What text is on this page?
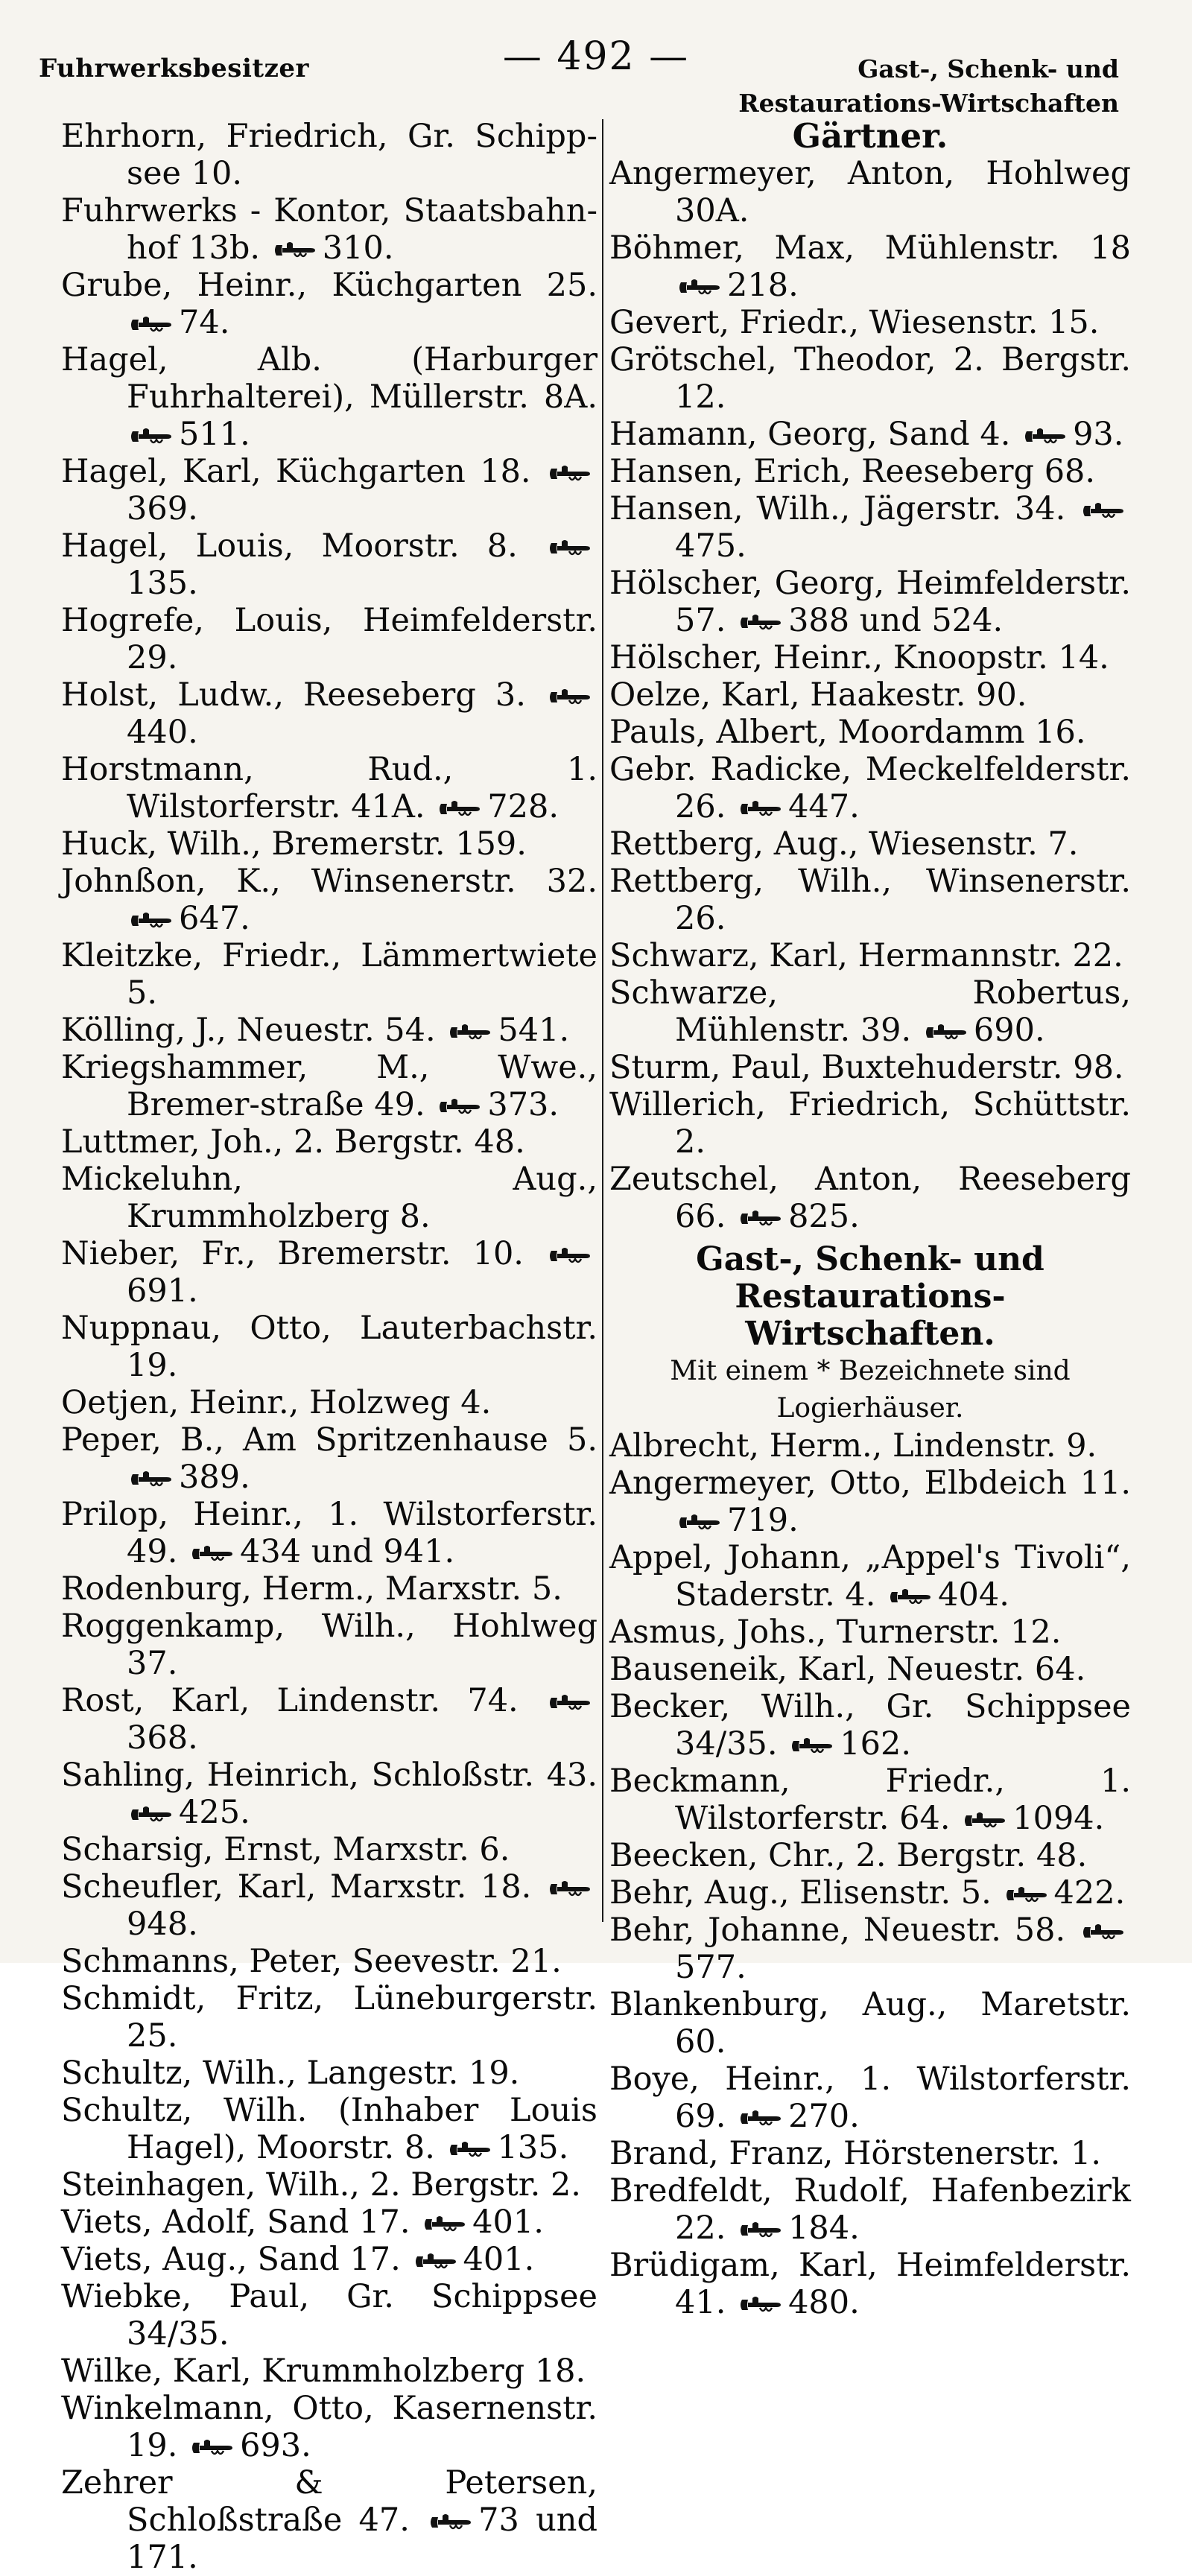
Fuhrwerksbesitzer	— 492 —	Gast-, Schenk- und
Restaurations-Wirtschaften

Ehrhorn, Friedrich, Gr. Schipp-see 10.

Fuhrwerks - Kontor, Staatsbahn-hof 13b. 310.

Grube, Heinr., Küchgarten 25.
74.

Hagel, Alb. (Harburger Fuhrhalterei), Müllerstr. 8A.
511.

Hagel, Karl, Küchgarten 18.
369.

Hagel, Louis, Moorstr. 8.
135.

Hogrefe, Louis, Heimfelderstr. 29.

Holst, Ludw., Reeseberg 3.
440.

Horstmann, Rud., 1. Wilstorferstr. 41A. 728.

Huck, Wilh., Bremerstr. 159.

Johnßon, K., Winsenerstr. 32.
647.

Kleitzke, Friedr., Lämmertwiete 5.

Kölling, J., Neuestr. 54. 541.

Kriegshammer, M., Wwe., Bremer-straße 49. 373.

Luttmer, Joh., 2. Bergstr. 48.

Mickeluhn, Aug., Krummholzberg 8.

Nieber, Fr., Bremerstr. 10.
691.

Nuppnau, Otto, Lauterbachstr. 19.

Oetjen, Heinr., Holzweg 4.

Peper, B., Am Spritzenhause 5.
389.

Prilop, Heinr., 1. Wilstorferstr. 49. 434 und 941.

Rodenburg, Herm., Marxstr. 5.

Roggenkamp, Wilh., Hohlweg 37.

Rost, Karl, Lindenstr. 74.
368.

Sahling, Heinrich, Schloßstr. 43.
425.

Scharsig, Ernst, Marxstr. 6.

Scheufler, Karl, Marxstr. 18.
948.

Schmanns, Peter, Seevestr. 21.

Schmidt, Fritz, Lüneburgerstr. 25.

Schultz, Wilh., Langestr. 19.

Schultz, Wilh. (Inhaber Louis Hagel), Moorstr. 8. 135.

Steinhagen, Wilh., 2. Bergstr. 2.

Viets, Adolf, Sand 17. 401.

Viets, Aug., Sand 17. 401.

Wiebke, Paul, Gr. Schippsee 34/35.

Wilke, Karl, Krummholzberg 18.

Winkelmann, Otto, Kasernenstr. 19. 693.

Zehrer & Petersen, Schloßstraße 47. 73 und 171.

Gärtner.

Angermeyer, Anton, Hohlweg 30A.

Böhmer, Max, Mühlenstr. 18
218.

Gevert, Friedr., Wiesenstr. 15.

Grötschel, Theodor, 2. Bergstr. 12.

Hamann, Georg, Sand 4. 93.

Hansen, Erich, Reeseberg 68.

Hansen, Wilh., Jägerstr. 34.
475.

Hölscher, Georg, Heimfelderstr. 57. 388 und 524.

Hölscher, Heinr., Knoopstr. 14.

Oelze, Karl, Haakestr. 90.

Pauls, Albert, Moordamm 16.

Gebr. Radicke, Meckelfelderstr. 26. 447.

Rettberg, Aug., Wiesenstr. 7.

Rettberg, Wilh., Winsenerstr. 26.

Schwarz, Karl, Hermannstr. 22.

Schwarze, Robertus, Mühlenstr. 39. 690.

Sturm, Paul, Buxtehuderstr. 98.

Willerich, Friedrich, Schüttstr. 2.

Zeutschel, Anton, Reeseberg 66. 825.

Gast-, Schenk- und Restaurations-
Wirtschaften.
Mit einem * Bezeichnete sind Logierhäuser.

Albrecht, Herm., Lindenstr. 9.

Angermeyer, Otto, Elbdeich 11.
719.

Appel, Johann, „Appel's Tivoli“, Staderstr. 4. 404.

Asmus, Johs., Turnerstr. 12.

Bauseneik, Karl, Neuestr. 64.

Becker, Wilh., Gr. Schippsee 34/35. 162.

Beckmann, Friedr., 1. Wilstorferstr. 64. 1094.

Beecken, Chr., 2. Bergstr. 48.

Behr, Aug., Elisenstr. 5. 422.

Behr, Johanne, Neuestr. 58.
577.

Blankenburg, Aug., Maretstr. 60.

Boye, Heinr., 1. Wilstorferstr. 69. 270.

Brand, Franz, Hörstenerstr. 1.

Bredfeldt, Rudolf, Hafenbezirk 22. 184.

Brüdigam, Karl, Heimfelderstr. 41. 480.
